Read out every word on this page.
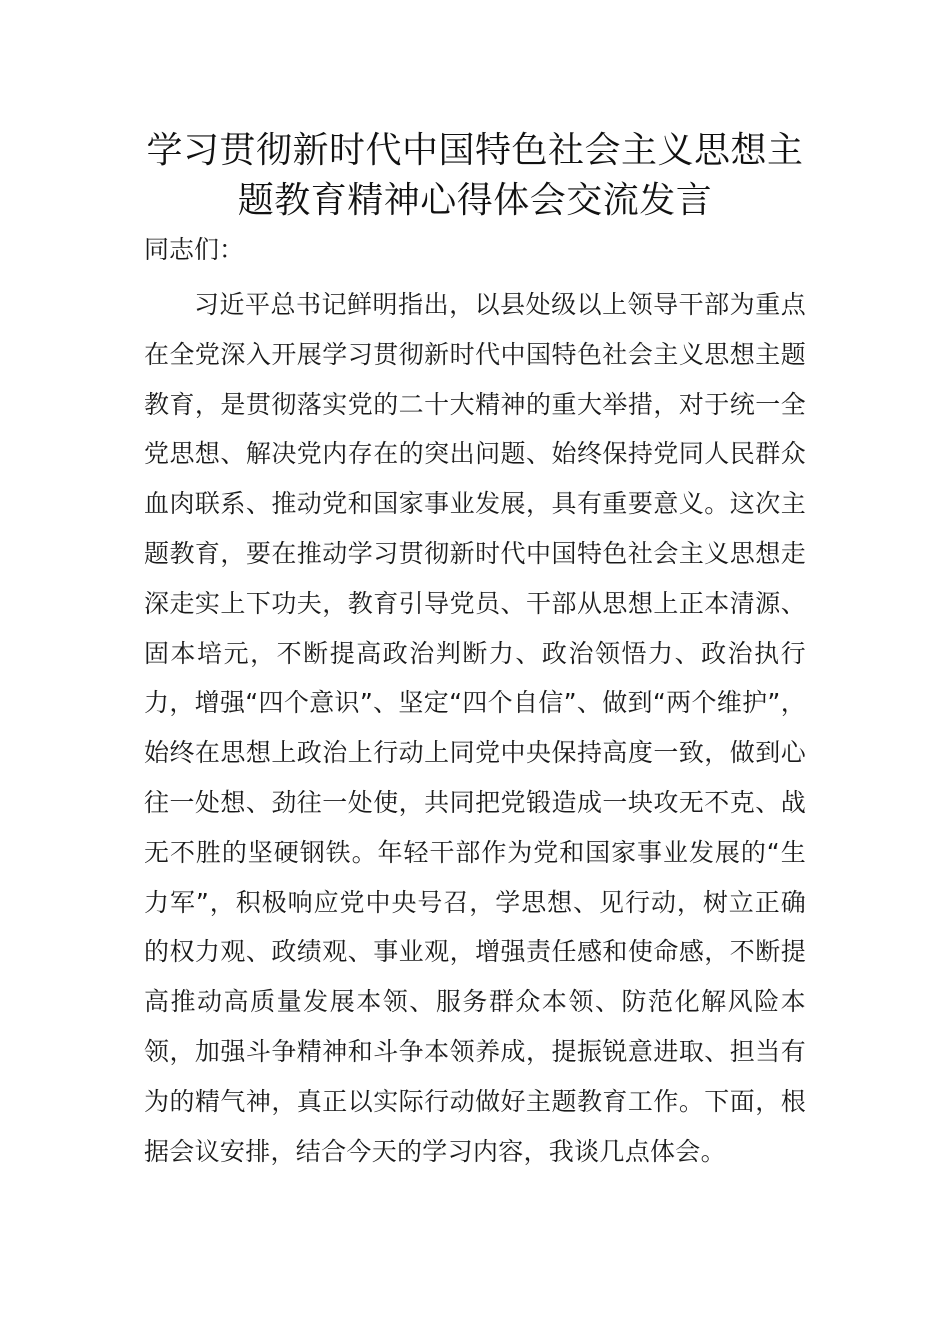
学习贯彻新时代中国特色社会主义思想主
题教育精神心得体会交流发言

同志们：

习近平总书记鲜明指出，以县处级以上领导干部为重点在全党深入开展学习贯彻新时代中国特色社会主义思想主题教育，是贯彻落实党的二十大精神的重大举措，对于统一全党思想、解决党内存在的突出问题、始终保持党同人民群众血肉联系、推动党和国家事业发展，具有重要意义。这次主题教育，要在推动学习贯彻新时代中国特色社会主义思想走深走实上下功夫，教育引导党员、干部从思想上正本清源、固本培元，不断提高政治判断力、政治领悟力、政治执行力，增强“四个意识”、坚定“四个自信”、做到“两个维护”，始终在思想上政治上行动上同党中央保持高度一致，做到心往一处想、劲往一处使，共同把党锻造成一块攻无不克、战无不胜的坚硬钢铁。年轻干部作为党和国家事业发展的“生力军”，积极响应党中央号召，学思想、见行动，树立正确的权力观、政绩观、事业观，增强责任感和使命感，不断提高推动高质量发展本领、服务群众本领、防范化解风险本领，加强斗争精神和斗争本领养成，提振锐意进取、担当有为的精气神，真正以实际行动做好主题教育工作。下面，根据会议安排，结合今天的学习内容，我谈几点体会。
